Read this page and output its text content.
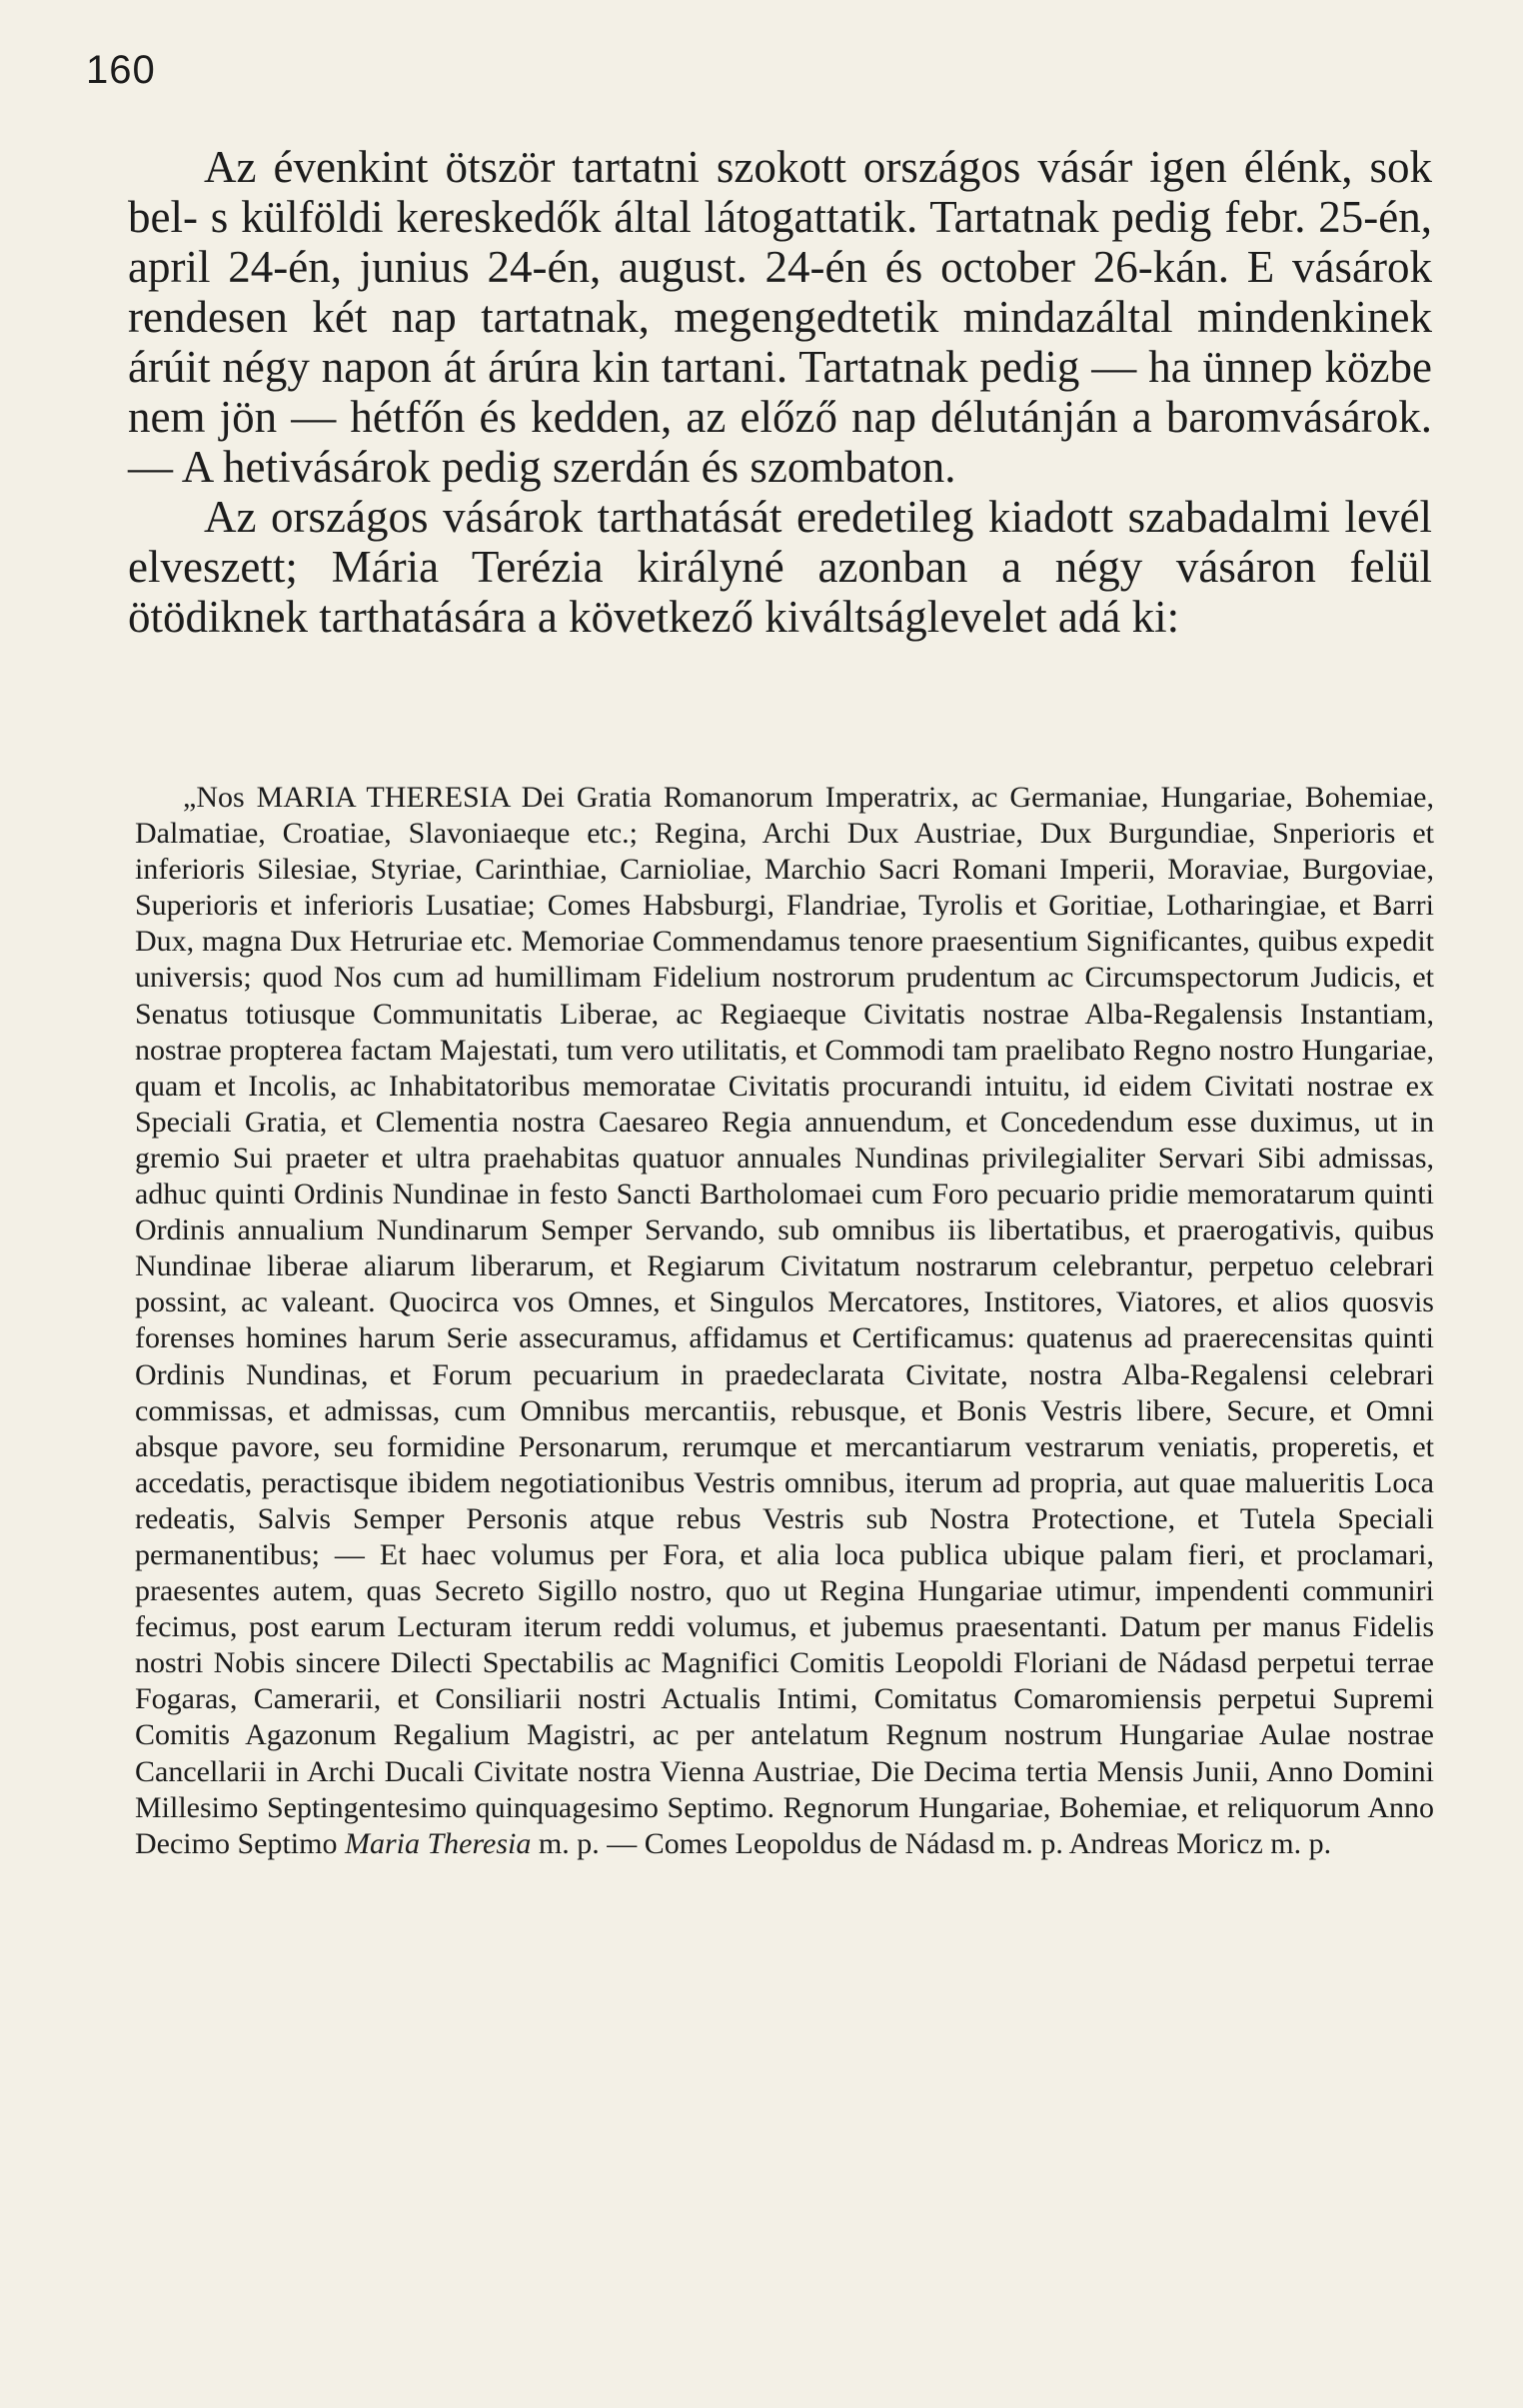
160

Az évenkint ötször tartatni szokott országos vásár igen élénk, sok bel- s külföldi kereskedők által látogattatik. Tartatnak pedig febr. 25-én, april 24-én, junius 24-én, august. 24-én és october 26-kán. E vásárok rendesen két nap tartatnak, megengedtetik mindazáltal mindenkinek árúit négy napon át árúra kin tartani. Tartatnak pedig — ha ünnep közbe nem jön — hétfőn és kedden, az előző nap délutánján a baromvásárok. — A hetivásárok pedig szerdán és szombaton.

Az országos vásárok tarthatását eredetileg kiadott szabadalmi levél elveszett; Mária Terézia királyné azonban a négy vásáron felül ötödiknek tarthatására a következő kiváltságlevelet adá ki:

„Nos MARIA THERESIA Dei Gratia Romanorum Imperatrix, ac Germaniae, Hungariae, Bohemiae, Dalmatiae, Croatiae, Slavoniaeque etc.; Regina, Archi Dux Austriae, Dux Burgundiae, Snperioris et inferioris Silesiae, Styriae, Carinthiae, Carnioliae, Marchio Sacri Romani Imperii, Moraviae, Burgoviae, Superioris et inferioris Lusatiae; Comes Habsburgi, Flandriae, Tyrolis et Goritiae, Lotharingiae, et Barri Dux, magna Dux Hetruriae etc. Memoriae Commendamus tenore praesentium Significantes, quibus expedit universis; quod Nos cum ad humillimam Fidelium nostrorum prudentum ac Circumspectorum Judicis, et Senatus totiusque Communitatis Liberae, ac Regiaeque Civitatis nostrae Alba-Regalensis Instantiam, nostrae propterea factam Majestati, tum vero utilitatis, et Commodi tam praelibato Regno nostro Hungariae, quam et Incolis, ac Inhabitatoribus memoratae Civitatis procurandi intuitu, id eidem Civitati nostrae ex Speciali Gratia, et Clementia nostra Caesareo Regia annuendum, et Concedendum esse duximus, ut in gremio Sui praeter et ultra praehabitas quatuor annuales Nundinas privilegialiter Servari Sibi admissas, adhuc quinti Ordinis Nundinae in festo Sancti Bartholomaei cum Foro pecuario pridie memoratarum quinti Ordinis annualium Nundinarum Semper Servando, sub omnibus iis libertatibus, et praerogativis, quibus Nundinae liberae aliarum liberarum, et Regiarum Civitatum nostrarum celebrantur, perpetuo celebrari possint, ac valeant. Quocirca vos Omnes, et Singulos Mercatores, Institores, Viatores, et alios quosvis forenses homines harum Serie assecuramus, affidamus et Certificamus: quatenus ad praerecensitas quinti Ordinis Nundinas, et Forum pecuarium in praedeclarata Civitate, nostra Alba-Regalensi celebrari commissas, et admissas, cum Omnibus mercantiis, rebusque, et Bonis Vestris libere, Secure, et Omni absque pavore, seu formidine Personarum, rerumque et mercantiarum vestrarum veniatis, properetis, et accedatis, peractisque ibidem negotiationibus Vestris omnibus, iterum ad propria, aut quae malueritis Loca redeatis, Salvis Semper Personis atque rebus Vestris sub Nostra Protectione, et Tutela Speciali permanentibus; — Et haec volumus per Fora, et alia loca publica ubique palam fieri, et proclamari, praesentes autem, quas Secreto Sigillo nostro, quo ut Regina Hungariae utimur, impendenti communiri fecimus, post earum Lecturam iterum reddi volumus, et jubemus praesentanti. Datum per manus Fidelis nostri Nobis sincere Dilecti Spectabilis ac Magnifici Comitis Leopoldi Floriani de Nádasd perpetui terrae Fogaras, Camerarii, et Consiliarii nostri Actualis Intimi, Comitatus Comaromiensis perpetui Supremi Comitis Agazonum Regalium Magistri, ac per antelatum Regnum nostrum Hungariae Aulae nostrae Cancellarii in Archi Ducali Civitate nostra Vienna Austriae, Die Decima tertia Mensis Junii, Anno Domini Millesimo Septingentesimo quinquagesimo Septimo. Regnorum Hungariae, Bohemiae, et reliquorum Anno Decimo Septimo Maria Theresia m. p. — Comes Leopoldus de Nádasd m. p. Andreas Moricz m. p.
